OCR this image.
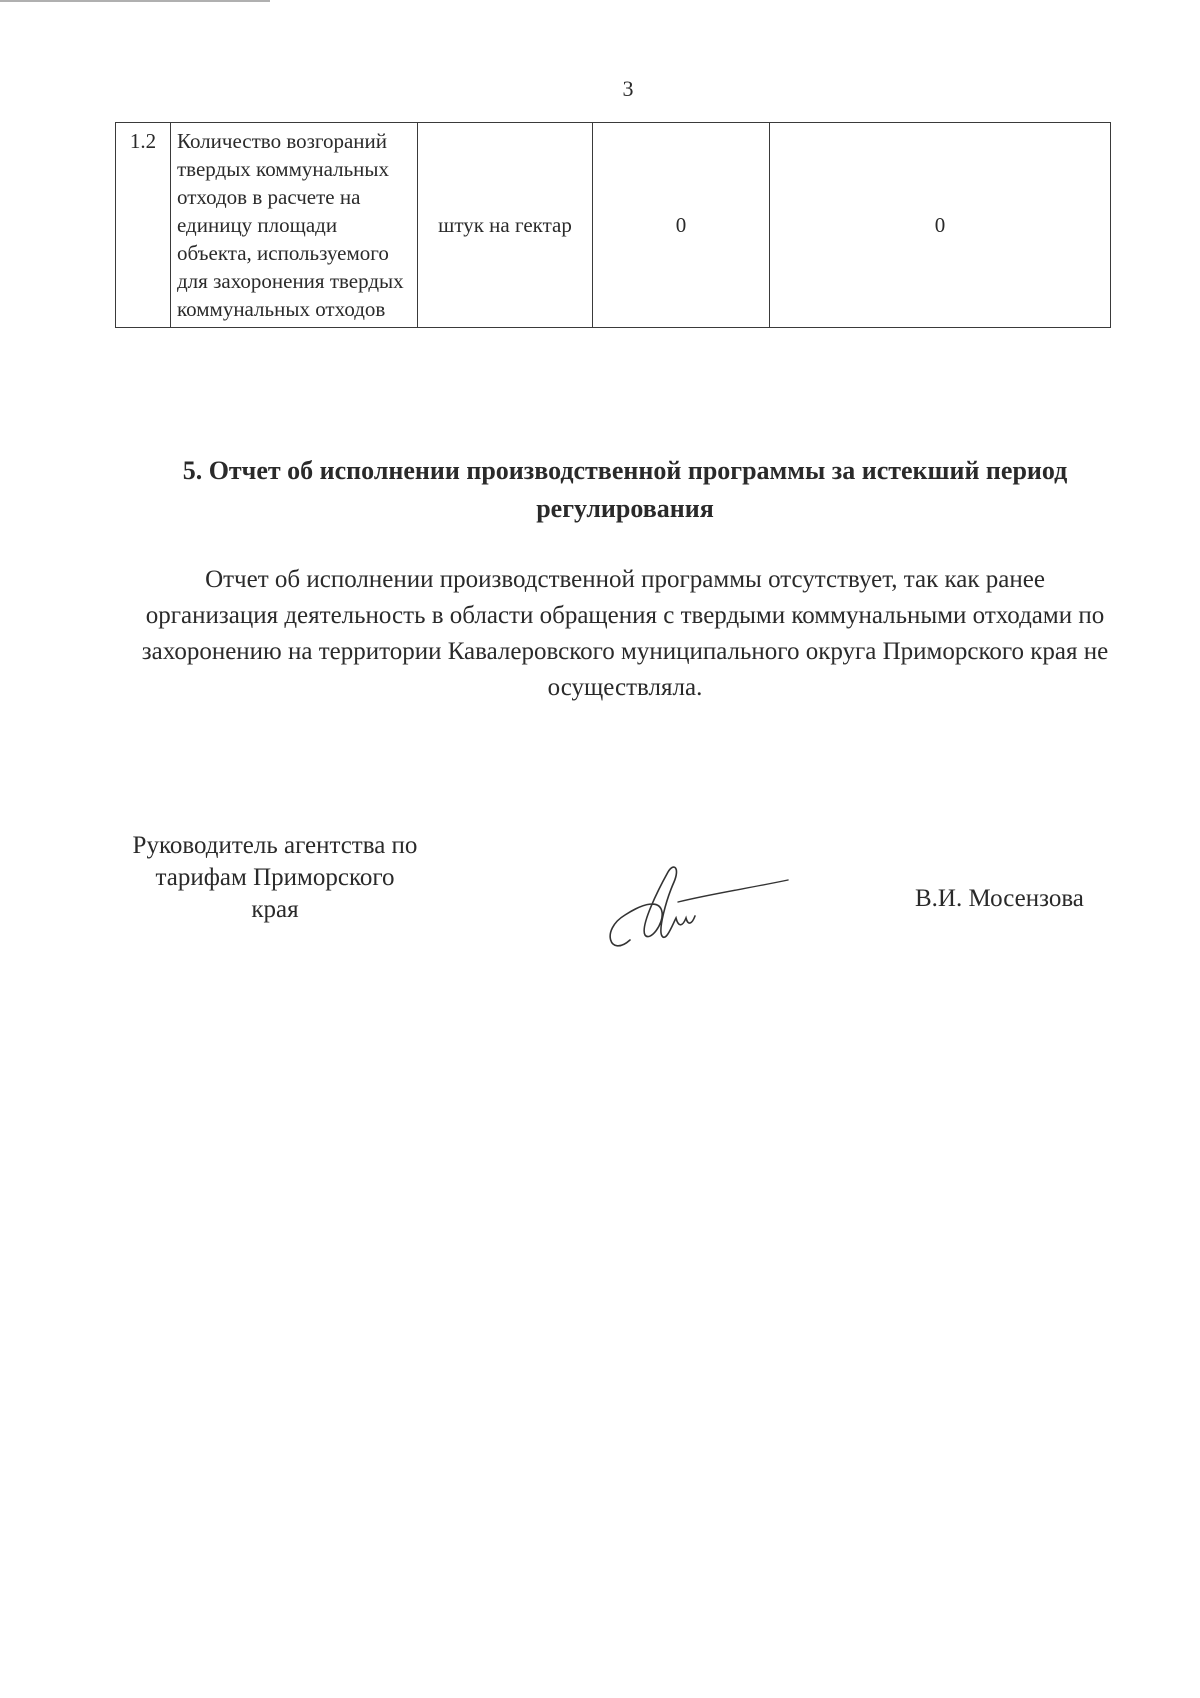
3
1.2	Количество возгораний твердых коммунальных отходов в расчете на единицу площади объекта, используемого для захоронения твердых коммунальных отходов	штук на гектар	0	0
5. Отчет об исполнении производственной программы за истекший период регулирования
Отчет об исполнении производственной программы отсутствует, так как ранее организация деятельность в области обращения с твердыми коммунальными отходами по захоронению на территории Кавалеровского муниципального округа Приморского края не осуществляла.
Руководитель агентства по тарифам Приморского края	В.И. Мосензова
